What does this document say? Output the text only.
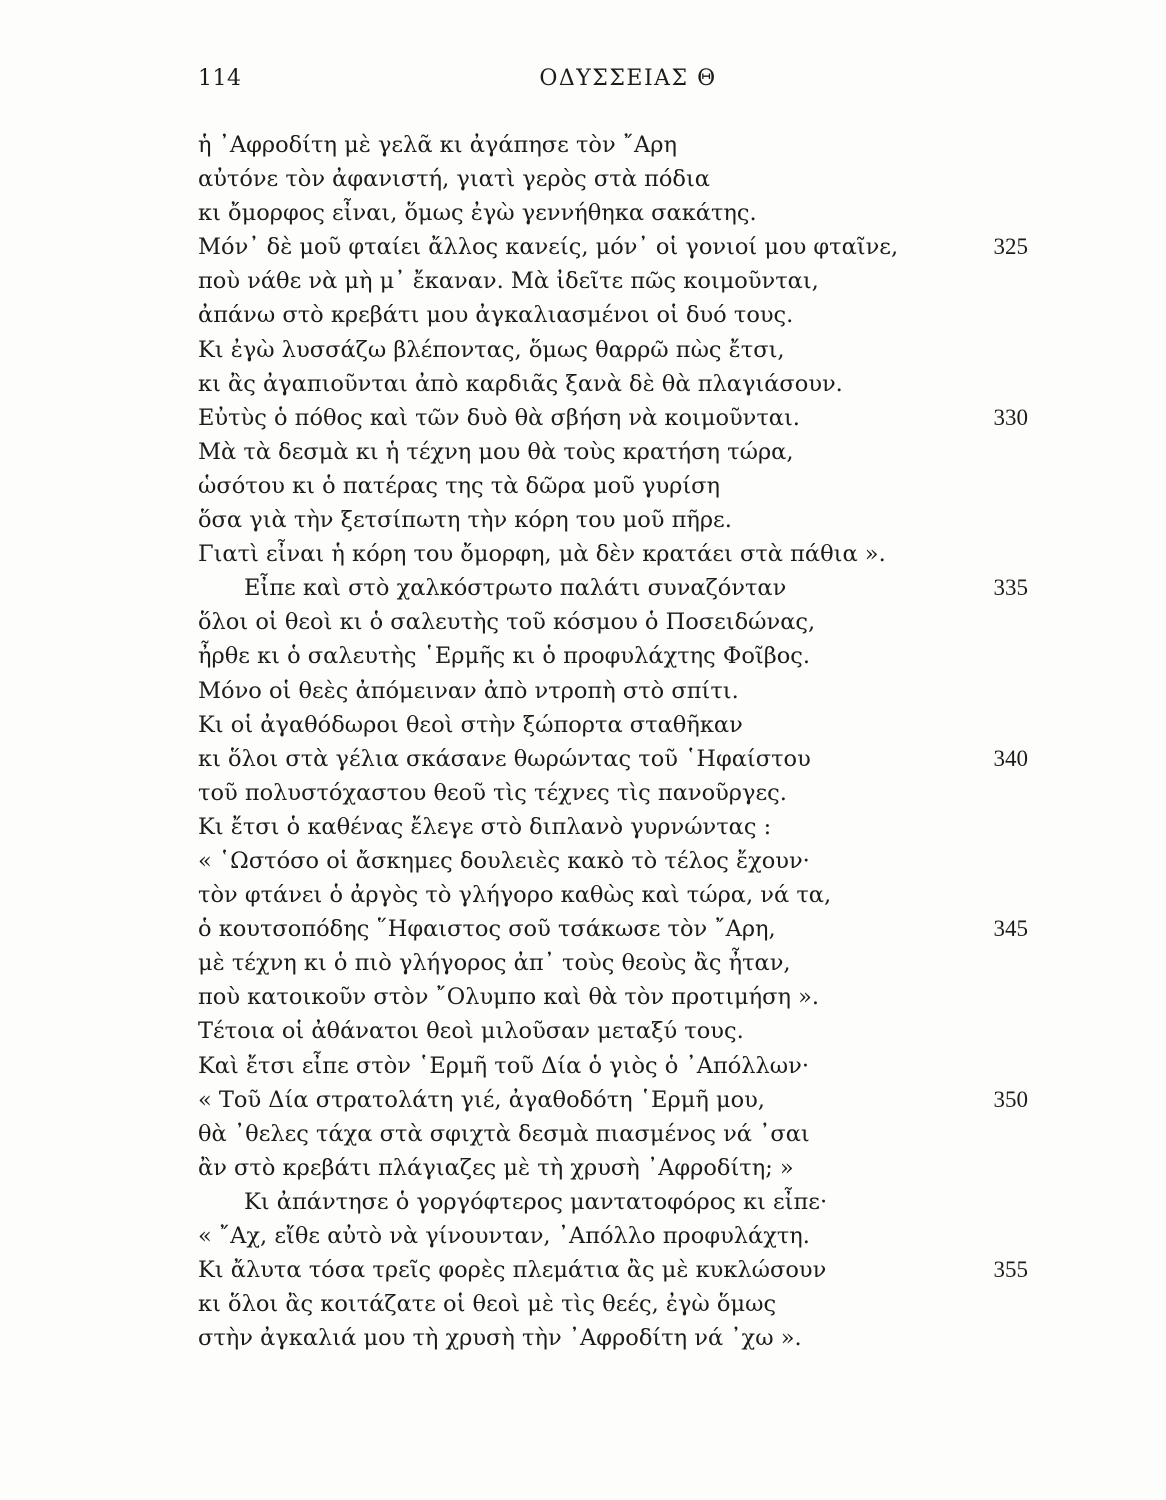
114	ΟΔΥΣΣΕΙΑΣ Θ
ἡ ᾿Αφροδίτη μὲ γελᾶ κι ἀγάπησε τὸν ῎Αρη
αὐτόνε τὸν ἀφανιστή, γιατὶ γερὸς στὰ πόδια
κι ὄμορφος εἶναι, ὅμως ἐγὼ γεννήθηκα σακάτης.
Μόν᾿ δὲ μοῦ φταίει ἄλλος κανείς, μόν᾿ οἱ γονιοί μου φταῖνε,	325
ποὺ νάθε νὰ μὴ μ᾿ ἔκαναν. Μὰ ἰδεῖτε πῶς κοιμοῦνται,
ἀπάνω στὸ κρεβάτι μου ἀγκαλιασμένοι οἱ δυό τους.
Κι ἐγὼ λυσσάζω βλέποντας, ὅμως θαρρῶ πὼς ἔτσι,
κι ἂς ἀγαπιοῦνται ἀπὸ καρδιᾶς ξανὰ δὲ θὰ πλαγιάσουν.
Εὐτὺς ὁ πόθος καὶ τῶν δυὸ θὰ σβήση νὰ κοιμοῦνται.	330
Μὰ τὰ δεσμὰ κι ἡ τέχνη μου θὰ τοὺς κρατήση τώρα,
ὡσότου κι ὁ πατέρας της τὰ δῶρα μοῦ γυρίση
ὅσα γιὰ τὴν ξετσίπωτη τὴν κόρη του μοῦ πῆρε.
Γιατὶ εἶναι ἡ κόρη του ὄμορφη, μὰ δὲν κρατάει στὰ πάθια ».
Εἶπε καὶ στὸ χαλκόστρωτο παλάτι συναζόνταν	335
ὅλοι οἱ θεοὶ κι ὁ σαλευτὴς τοῦ κόσμου ὁ Ποσειδώνας,
ἦρθε κι ὁ σαλευτὴς ῾Ερμῆς κι ὁ προφυλάχτης Φοῖβος.
Μόνο οἱ θεὲς ἀπόμειναν ἀπὸ ντροπὴ στὸ σπίτι.
Κι οἱ ἀγαθόδωροι θεοὶ στὴν ξώπορτα σταθῆκαν
κι ὅλοι στὰ γέλια σκάσανε θωρώντας τοῦ ῾Ηφαίστου	340
τοῦ πολυστόχαστου θεοῦ τὶς τέχνες τὶς πανοῦργες.
Κι ἔτσι ὁ καθένας ἔλεγε στὸ διπλανὸ γυρνώντας :
« ῾Ωστόσο οἱ ἄσκημες δουλειὲς κακὸ τὸ τέλος ἔχουν·
τὸν φτάνει ὁ ἀργὸς τὸ γλήγορο καθὼς καὶ τώρα, νά τα,
ὁ κουτσοπόδης ῞Ηφαιστος σοῦ τσάκωσε τὸν ῎Αρη,	345
μὲ τέχνη κι ὁ πιὸ γλήγορος ἀπ᾿ τοὺς θεοὺς ἂς ἦταν,
ποὺ κατοικοῦν στὸν ῎Ολυμπο καὶ θὰ τὸν προτιμήση ».
Τέτοια οἱ ἀθάνατοι θεοὶ μιλοῦσαν μεταξύ τους.
Καὶ ἔτσι εἶπε στὸν ῾Ερμῆ τοῦ Δία ὁ γιὸς ὁ ᾿Απόλλων·
« Τοῦ Δία στρατολάτη γιέ, ἀγαθοδότη ῾Ερμῆ μου,	350
θὰ ᾿θελες τάχα στὰ σφιχτὰ δεσμὰ πιασμένος νά ᾿σαι
ἂν στὸ κρεβάτι πλάγιαζες μὲ τὴ χρυσὴ ᾿Αφροδίτη; »
Κι ἀπάντησε ὁ γοργόφτερος μαντατοφόρος κι εἶπε·
« ῎Αχ, εἴθε αὐτὸ νὰ γίνουνταν, ᾿Απόλλο προφυλάχτη.
Κι ἄλυτα τόσα τρεῖς φορὲς πλεμάτια ἂς μὲ κυκλώσουν	355
κι ὅλοι ἂς κοιτάζατε οἱ θεοὶ μὲ τὶς θεές, ἐγὼ ὅμως
στὴν ἀγκαλιά μου τὴ χρυσὴ τὴν ᾿Αφροδίτη νά ᾿χω ».
